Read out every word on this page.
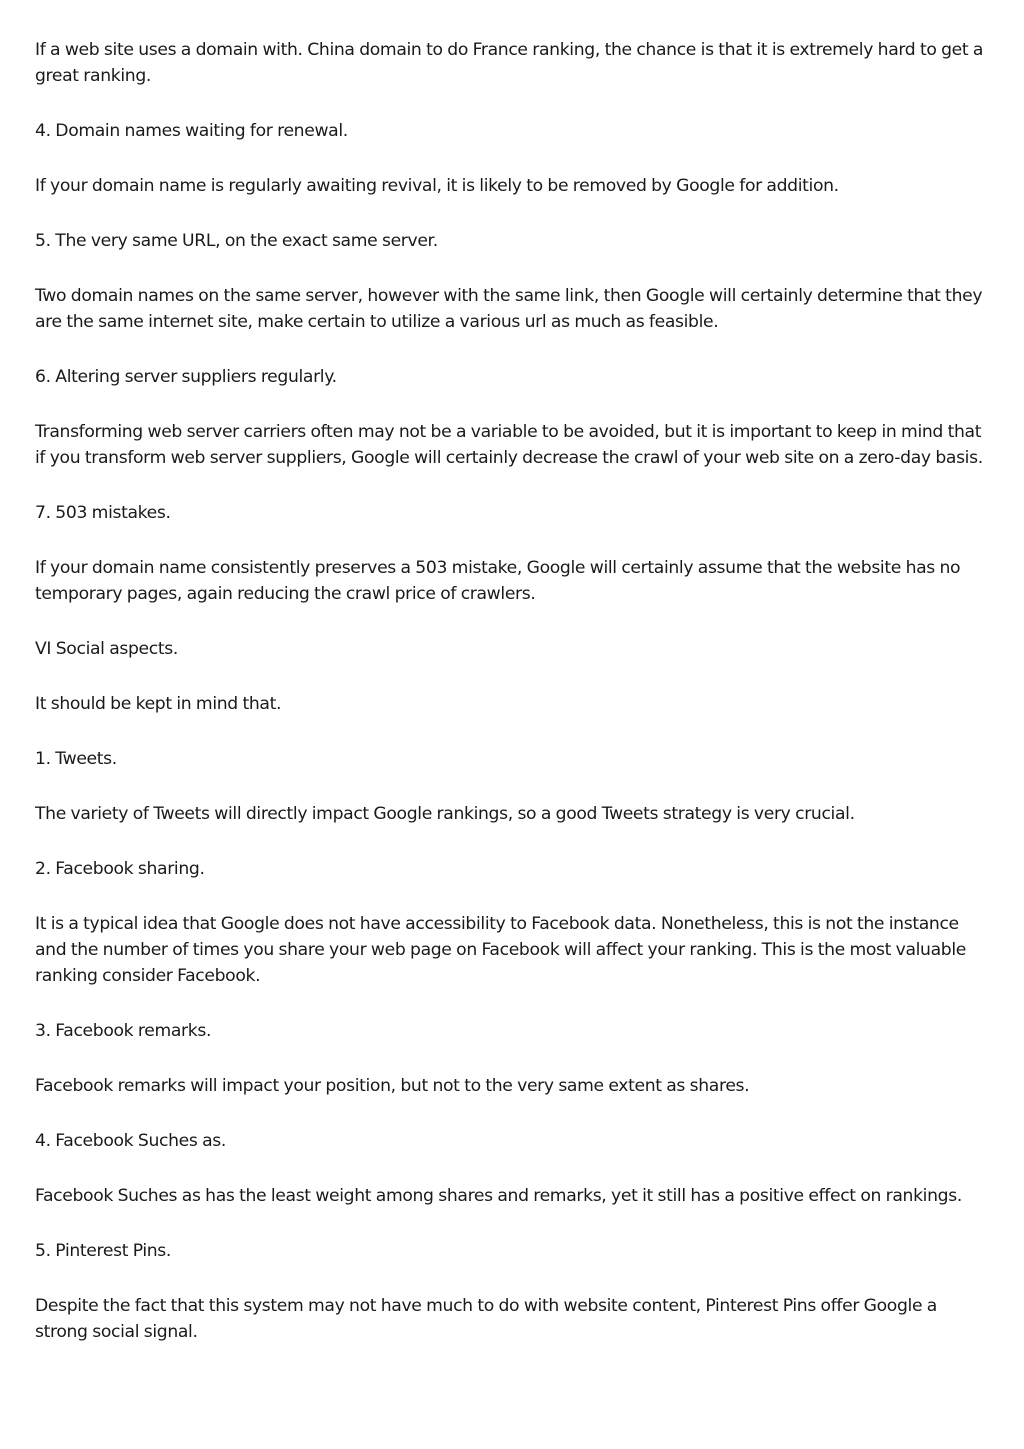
If a web site uses a domain with. China domain to do France ranking, the chance is that it is extremely hard to get a great ranking.

4. Domain names waiting for renewal.

If your domain name is regularly awaiting revival, it is likely to be removed by Google for addition.

5. The very same URL, on the exact same server.

Two domain names on the same server, however with the same link, then Google will certainly determine that they are the same internet site, make certain to utilize a various url as much as feasible.

6. Altering server suppliers regularly.

Transforming web server carriers often may not be a variable to be avoided, but it is important to keep in mind that if you transform web server suppliers, Google will certainly decrease the crawl of your web site on a zero-day basis.

7. 503 mistakes.

If your domain name consistently preserves a 503 mistake, Google will certainly assume that the website has no temporary pages, again reducing the crawl price of crawlers.

VI Social aspects.

It should be kept in mind that.

1. Tweets.

The variety of Tweets will directly impact Google rankings, so a good Tweets strategy is very crucial.

2. Facebook sharing.

It is a typical idea that Google does not have accessibility to Facebook data. Nonetheless, this is not the instance and the number of times you share your web page on Facebook will affect your ranking. This is the most valuable ranking consider Facebook.

3. Facebook remarks.

Facebook remarks will impact your position, but not to the very same extent as shares.

4. Facebook Suches as.

Facebook Suches as has the least weight among shares and remarks, yet it still has a positive effect on rankings.

5. Pinterest Pins.

Despite the fact that this system may not have much to do with website content, Pinterest Pins offer Google a strong social signal.
